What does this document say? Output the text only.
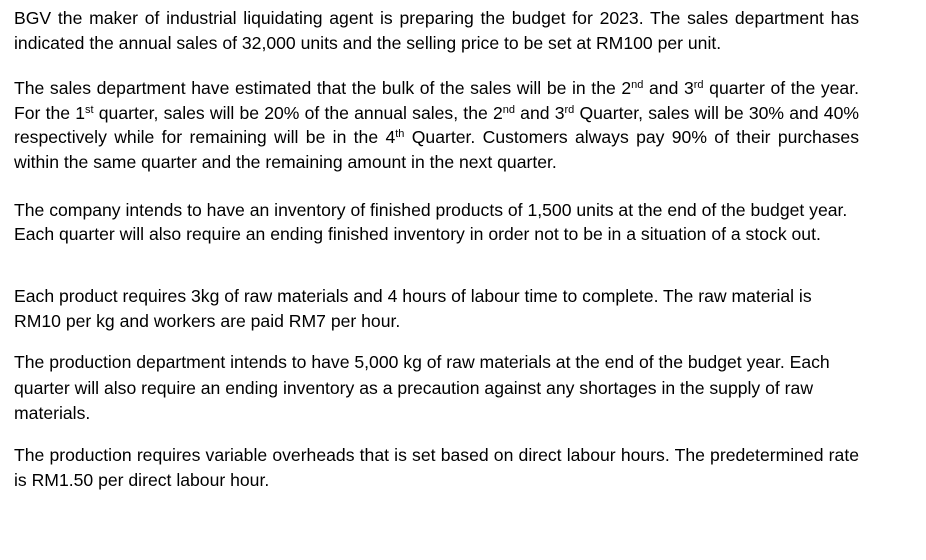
BGV the maker of industrial liquidating agent is preparing the budget for 2023. The sales department has indicated the annual sales of 32,000 units and the selling price to be set at RM100 per unit.

The sales department have estimated that the bulk of the sales will be in the 2nd and 3rd quarter of the year. For the 1st quarter, sales will be 20% of the annual sales, the 2nd and 3rd Quarter, sales will be 30% and 40% respectively while for remaining will be in the 4th Quarter. Customers always pay 90% of their purchases within the same quarter and the remaining amount in the next quarter.

The company intends to have an inventory of finished products of 1,500 units at the end of the budget year. Each quarter will also require an ending finished inventory in order not to be in a situation of a stock out.

Each product requires 3kg of raw materials and 4 hours of labour time to complete. The raw material is RM10 per kg and workers are paid RM7 per hour.

The production department intends to have 5,000 kg of raw materials at the end of the budget year. Each quarter will also require an ending inventory as a precaution against any shortages in the supply of raw materials.

The production requires variable overheads that is set based on direct labour hours. The predetermined rate is RM1.50 per direct labour hour.
